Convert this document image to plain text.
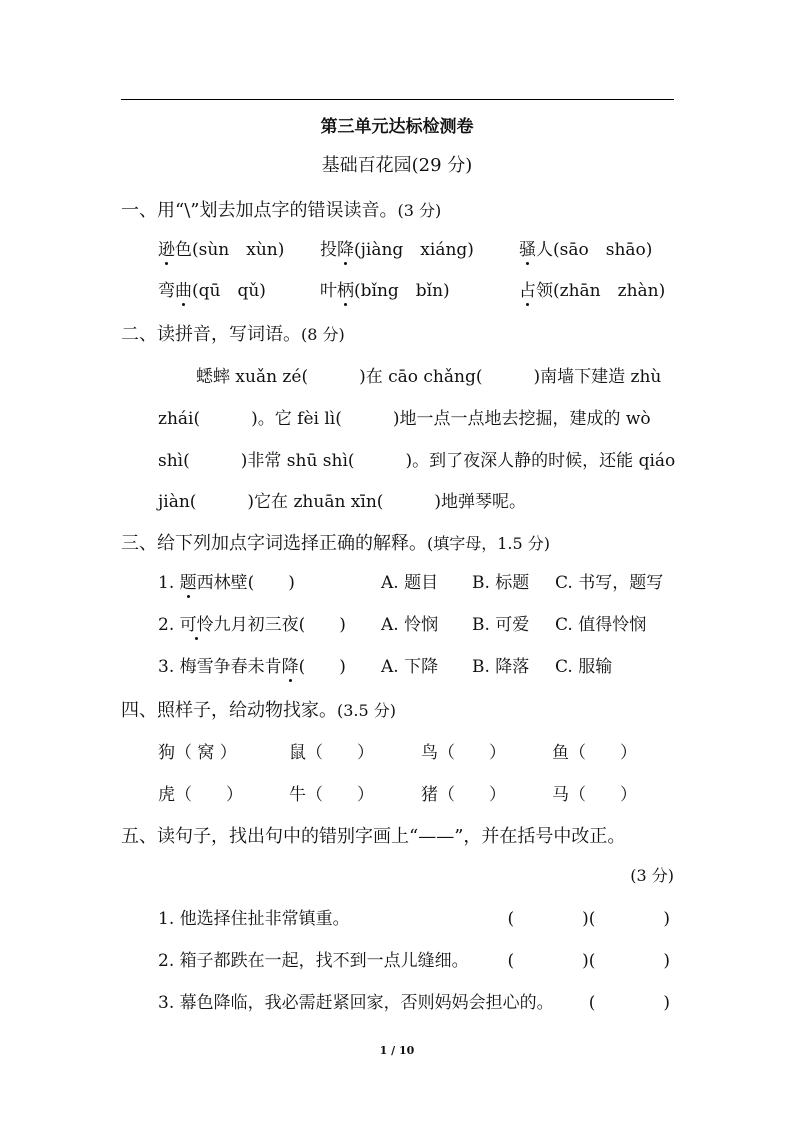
第三单元达标检测卷
基础百花园(29 分)
一、用“\”划去加点字的错误读音。(3 分)
逊色(sùn　xùn) 投降(jiàng　xiáng)	骚人(sāo　shāo)
弯曲(qū　qǔ)	叶柄(bǐng　bǐn)	占领(zhān　zhàn)
二、读拼音，写词语。(8 分)
蟋蟀 xuǎn zé(　　　)在 cāo chǎng(　　　)南墙下建造 zhù
zhái(　　　)。它 fèi lì(　　　)地一点一点地去挖掘，建成的 wò
shì(　　　)非常 shū shì(　　　)。到了夜深人静的时候，还能 qiáo
jiàn(　　　)它在 zhuān xīn(　　　)地弹琴呢。
三、给下列加点字词选择正确的解释。(填字母，1.5 分)
1. 题西林壁(　　)	A. 题目 B. 标题 C. 书写，题写
2. 可怜九月初三夜(　　) A. 怜悯 B. 可爱 C. 值得怜悯
3. 梅雪争春未肯降(　　) A. 下降 B. 降落 C. 服输
四、照样子，给动物找家。(3.5 分)
狗（ 窝 ）	鼠（　　）	鸟（　　）	鱼（　　）
虎（　　）	牛（　　）	猪（　　）	马（　　）
五、读句子，找出句中的错别字画上“——”，并在括号中改正。
(3 分)
1. 他选择住扯非常镇重。	(　　　　)(　　　　)
2. 箱子都跌在一起，找不到一点儿缝细。 (　　　　)(　　　　)
3. 幕色降临，我必需赶紧回家，否则妈妈会担心的。 (　　　　)
1 / 10
